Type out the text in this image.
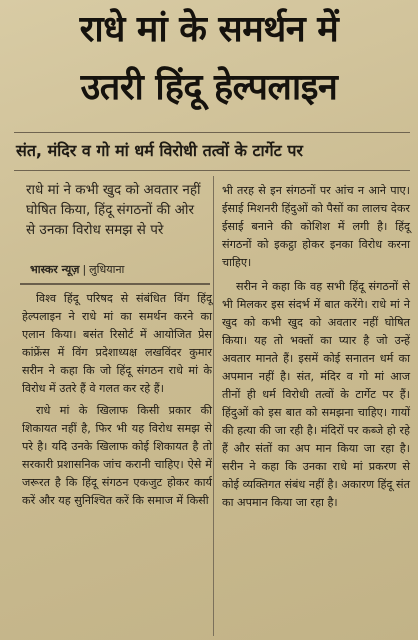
राधे मां के समर्थन में
उतरी हिंदू हेल्पलाइन
संत, मंदिर व गो मां धर्म विरोधी तत्वों के टार्गेट पर
राधे मां ने कभी खुद को अवतार नहीं घोषित किया, हिंदू संगठनों की ओर से उनका विरोध समझ से परे
भास्कर न्यूज़ | लुधियाना

विश्व हिंदू परिषद से संबंधित विंग हिंदू हेल्पलाइन ने राधे मां का समर्थन करने का एलान किया। बसंत रिसोर्ट में आयोजित प्रेस कांफ्रेंस में विंग प्रदेशाध्यक्ष लखविंदर कुमार सरीन ने कहा कि जो हिंदू संगठन राधे मां के विरोध में उतरे हैं वे गलत कर रहे हैं।

राधे मां के खिलाफ किसी प्रकार की शिकायत नहीं है, फिर भी यह विरोध समझ से परे है। यदि उनके खिलाफ कोई शिकायत है तो सरकारी प्रशासनिक जांच करानी चाहिए। ऐसे में जरूरत है कि हिंदू संगठन एकजुट होकर कार्य करें और यह सुनिश्चित करें कि समाज में किसी

भी तरह से इन संगठनों पर आंच न आने पाए। ईसाई मिशनरी हिंदुओं को पैसों का लालच देकर ईसाई बनाने की कोशिश में लगी है। हिंदू संगठनों को इकट्ठा होकर इनका विरोध करना चाहिए।

सरीन ने कहा कि वह सभी हिंदू संगठनों से भी मिलकर इस संदर्भ में बात करेंगे। राधे मां ने खुद को कभी खुद को अवतार नहीं घोषित किया। यह तो भक्तों का प्यार है जो उन्हें अवतार मानते हैं। इसमें कोई सनातन धर्म का अपमान नहीं है। संत, मंदिर व गो मां आज तीनों ही धर्म विरोधी तत्वों के टार्गेट पर हैं। हिंदुओं को इस बात को समझना चाहिए। गायों की हत्या की जा रही है। मंदिरों पर कब्जे हो रहे हैं और संतों का अप मान किया जा रहा है। सरीन ने कहा कि उनका राधे मां प्रकरण से कोई व्यक्तिगत संबंध नहीं है। अकारण हिंदू संत का अपमान किया जा रहा है।
